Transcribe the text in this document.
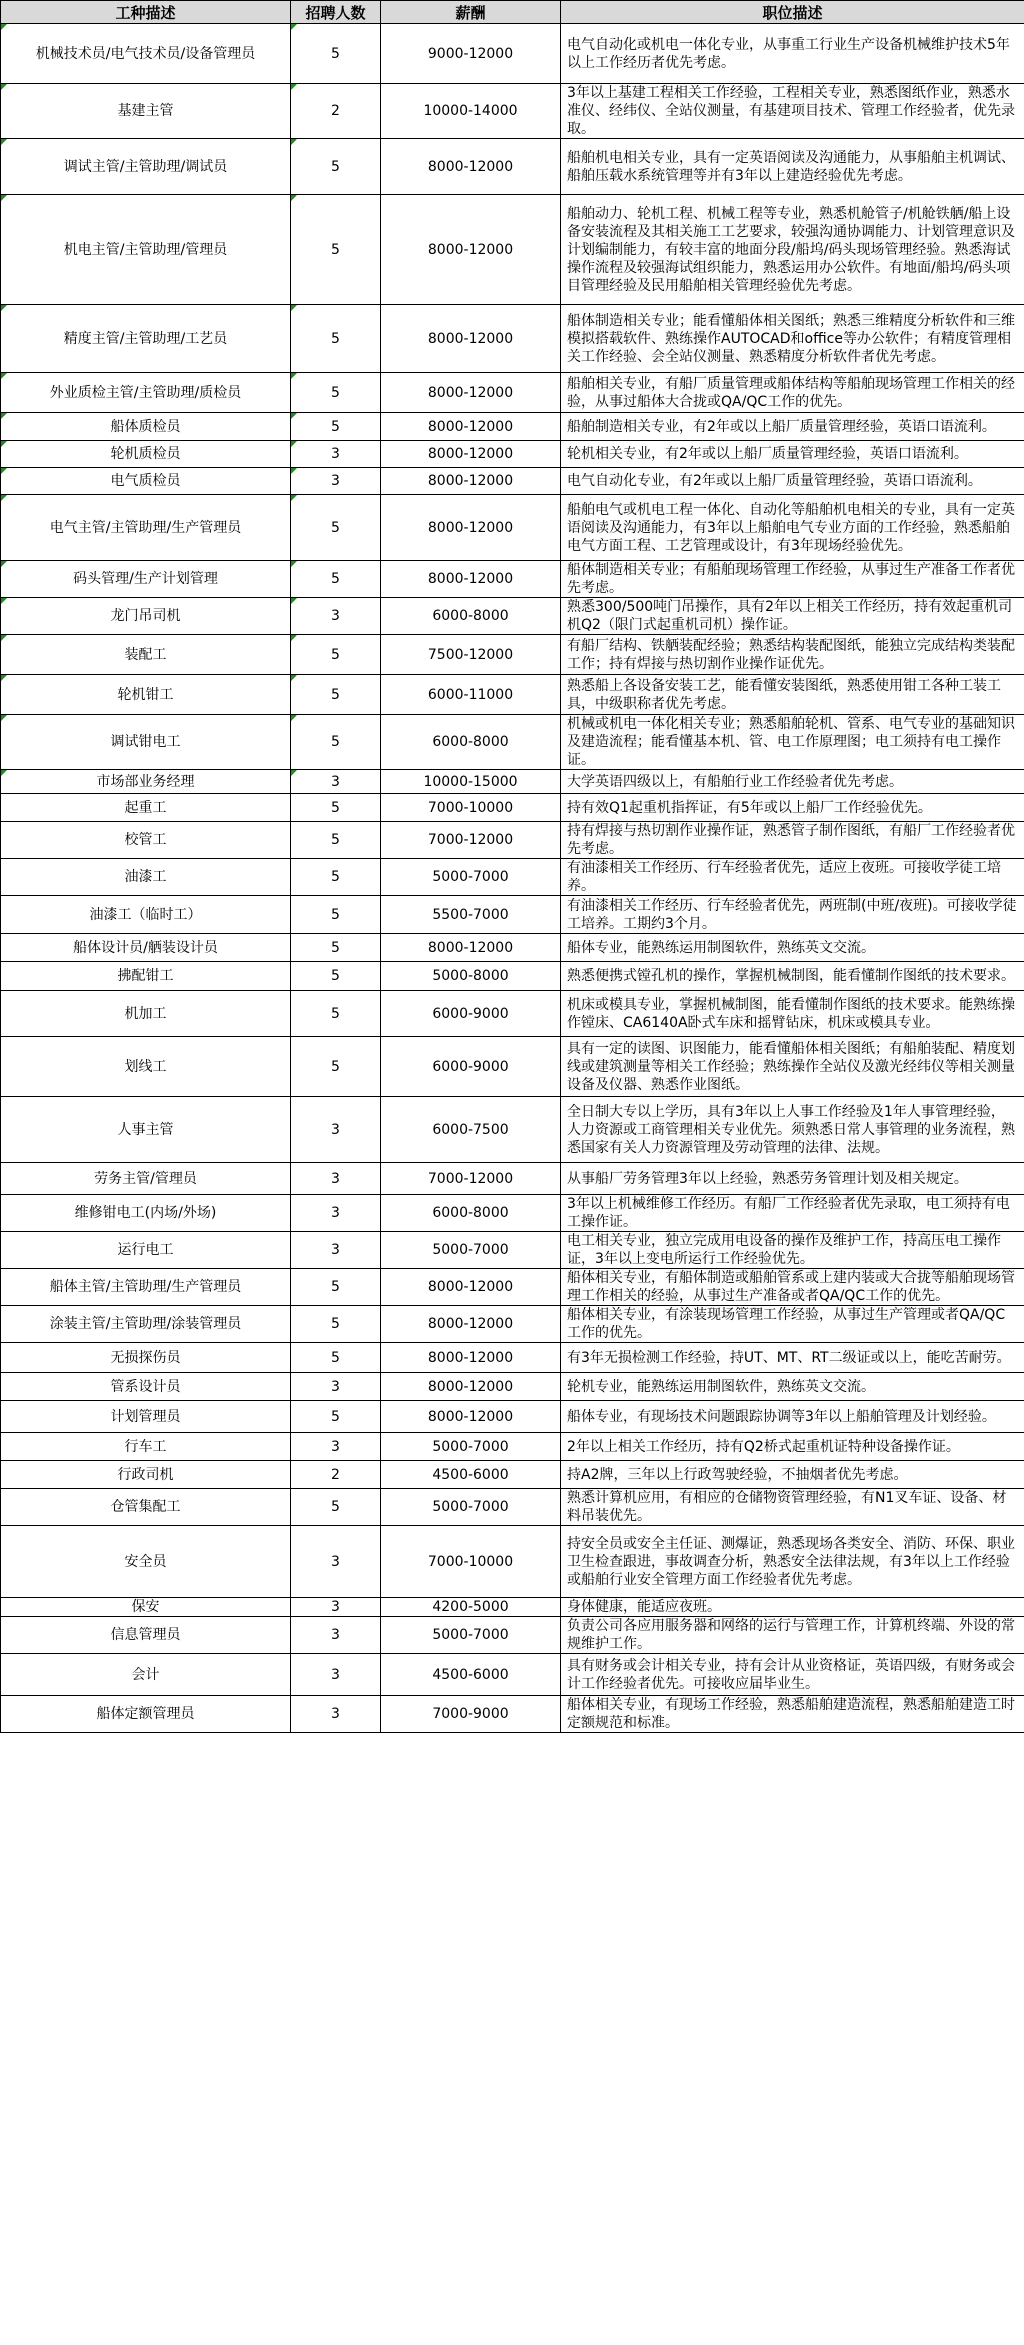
工种描述	招聘人数	薪酬	职位描述
机械技术员/电气技术员/设备管理员	5	9000-12000	电气自动化或机电一体化专业，从事重工行业生产设备机械维护技术5年以上工作经历者优先考虑。
基建主管	2	10000-14000	3年以上基建工程相关工作经验，工程相关专业，熟悉图纸作业，熟悉水准仪、经纬仪、全站仪测量，有基建项目技术、管理工作经验者，优先录取。
调试主管/主管助理/调试员	5	8000-12000	船舶机电相关专业，具有一定英语阅读及沟通能力，从事船舶主机调试、船舶压载水系统管理等并有3年以上建造经验优先考虑。
机电主管/主管助理/管理员	5	8000-12000	船舶动力、轮机工程、机械工程等专业，熟悉机舱管子/机舱铁舾/船上设备安装流程及其相关施工工艺要求，较强沟通协调能力、计划管理意识及计划编制能力，有较丰富的地面分段/船坞/码头现场管理经验。熟悉海试操作流程及较强海试组织能力，熟悉运用办公软件。有地面/船坞/码头项目管理经验及民用船舶相关管理经验优先考虑。
精度主管/主管助理/工艺员	5	8000-12000	船体制造相关专业；能看懂船体相关图纸；熟悉三维精度分析软件和三维模拟搭载软件、熟练操作AUTOCAD和office等办公软件；有精度管理相关工作经验、会全站仪测量、熟悉精度分析软件者优先考虑。
外业质检主管/主管助理/质检员	5	8000-12000	船舶相关专业，有船厂质量管理或船体结构等船舶现场管理工作相关的经验，从事过船体大合拢或QA/QC工作的优先。
船体质检员	5	8000-12000	船舶制造相关专业，有2年或以上船厂质量管理经验，英语口语流利。
轮机质检员	3	8000-12000	轮机相关专业，有2年或以上船厂质量管理经验，英语口语流利。
电气质检员	3	8000-12000	电气自动化专业，有2年或以上船厂质量管理经验，英语口语流利。
电气主管/主管助理/生产管理员	5	8000-12000	船舶电气或机电工程一体化、自动化等船舶机电相关的专业，具有一定英语阅读及沟通能力，有3年以上船舶电气专业方面的工作经验，熟悉船舶电气方面工程、工艺管理或设计，有3年现场经验优先。
码头管理/生产计划管理	5	8000-12000	船体制造相关专业；有船舶现场管理工作经验，从事过生产准备工作者优先考虑。
龙门吊司机	3	6000-8000	熟悉300/500吨门吊操作，具有2年以上相关工作经历，持有效起重机司机Q2（限门式起重机司机）操作证。
装配工	5	7500-12000	有船厂结构、铁舾装配经验；熟悉结构装配图纸，能独立完成结构类装配工作；持有焊接与热切割作业操作证优先。
轮机钳工	5	6000-11000	熟悉船上各设备安装工艺，能看懂安装图纸，熟悉使用钳工各种工装工具，中级职称者优先考虑。
调试钳电工	5	6000-8000	机械或机电一体化相关专业；熟悉船舶轮机、管系、电气专业的基础知识及建造流程；能看懂基本机、管、电工作原理图；电工须持有电工操作证。
市场部业务经理	3	10000-15000	大学英语四级以上，有船舶行业工作经验者优先考虑。
起重工	5	7000-10000	持有效Q1起重机指挥证，有5年或以上船厂工作经验优先。
校管工	5	7000-12000	持有焊接与热切割作业操作证，熟悉管子制作图纸，有船厂工作经验者优先考虑。
油漆工	5	5000-7000	有油漆相关工作经历、行车经验者优先，适应上夜班。可接收学徒工培养。
油漆工（临时工）	5	5500-7000	有油漆相关工作经历、行车经验者优先，两班制(中班/夜班)。可接收学徒工培养。工期约3个月。
船体设计员/舾装设计员	5	8000-12000	船体专业，能熟练运用制图软件，熟练英文交流。
拂配钳工	5	5000-8000	熟悉便携式镗孔机的操作，掌握机械制图，能看懂制作图纸的技术要求。
机加工	5	6000-9000	机床或模具专业，掌握机械制图，能看懂制作图纸的技术要求。能熟练操作镗床、CA6140A卧式车床和摇臂钻床，机床或模具专业。
划线工	5	6000-9000	具有一定的读图、识图能力，能看懂船体相关图纸；有船舶装配、精度划线或建筑测量等相关工作经验；熟练操作全站仪及激光经纬仪等相关测量设备及仪器、熟悉作业图纸。
人事主管	3	6000-7500	全日制大专以上学历，具有3年以上人事工作经验及1年人事管理经验，人力资源或工商管理相关专业优先。须熟悉日常人事管理的业务流程，熟悉国家有关人力资源管理及劳动管理的法律、法规。
劳务主管/管理员	3	7000-12000	从事船厂劳务管理3年以上经验，熟悉劳务管理计划及相关规定。
维修钳电工(内场/外场)	3	6000-8000	3年以上机械维修工作经历。有船厂工作经验者优先录取，电工须持有电工操作证。
运行电工	3	5000-7000	电工相关专业，独立完成用电设备的操作及维护工作，持高压电工操作证，3年以上变电所运行工作经验优先。
船体主管/主管助理/生产管理员	5	8000-12000	船体相关专业，有船体制造或船舶管系或上建内装或大合拢等船舶现场管理工作相关的经验，从事过生产准备或者QA/QC工作的优先。
涂装主管/主管助理/涂装管理员	5	8000-12000	船体相关专业，有涂装现场管理工作经验，从事过生产管理或者QA/QC工作的优先。
无损探伤员	5	8000-12000	有3年无损检测工作经验，持UT、MT、RT二级证或以上，能吃苦耐劳。
管系设计员	3	8000-12000	轮机专业，能熟练运用制图软件，熟练英文交流。
计划管理员	5	8000-12000	船体专业，有现场技术问题跟踪协调等3年以上船舶管理及计划经验。
行车工	3	5000-7000	2年以上相关工作经历，持有Q2桥式起重机证特种设备操作证。
行政司机	2	4500-6000	持A2牌，三年以上行政驾驶经验，不抽烟者优先考虑。
仓管集配工	5	5000-7000	熟悉计算机应用，有相应的仓储物资管理经验，有N1叉车证、设备、材料吊装优先。
安全员	3	7000-10000	持安全员或安全主任证、测爆证，熟悉现场各类安全、消防、环保、职业卫生检查跟进，事故调查分析，熟悉安全法律法规，有3年以上工作经验或船舶行业安全管理方面工作经验者优先考虑。
保安	3	4200-5000	身体健康，能适应夜班。
信息管理员	3	5000-7000	负责公司各应用服务器和网络的运行与管理工作，计算机终端、外设的常规维护工作。
会计	3	4500-6000	具有财务或会计相关专业，持有会计从业资格证，英语四级，有财务或会计工作经验者优先。可接收应届毕业生。
船体定额管理员	3	7000-9000	船体相关专业，有现场工作经验，熟悉船舶建造流程，熟悉船舶建造工时定额规范和标准。
